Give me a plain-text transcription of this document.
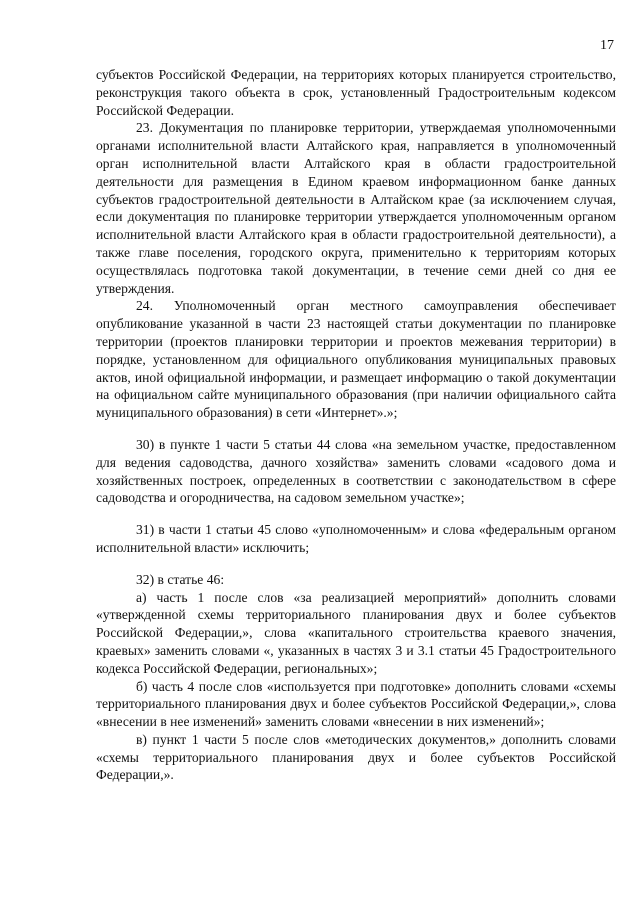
17

субъектов Российской Федерации, на территориях которых планируется строительство, реконструкция такого объекта в срок, установленный Градостроительным кодексом Российской Федерации.

23. Документация по планировке территории, утверждаемая уполномоченными органами исполнительной власти Алтайского края, направляется в уполномоченный орган исполнительной власти Алтайского края в области градостроительной деятельности для размещения в Едином краевом информационном банке данных субъектов градостроительной деятельности в Алтайском крае (за исключением случая, если документация по планировке территории утверждается уполномоченным органом исполнительной власти Алтайского края в области градостроительной деятельности), а также главе поселения, городского округа, применительно к территориям которых осуществлялась подготовка такой документации, в течение семи дней со дня ее утверждения.

24. Уполномоченный орган местного самоуправления обеспечивает опубликование указанной в части 23 настоящей статьи документации по планировке территории (проектов планировки территории и проектов межевания территории) в порядке, установленном для официального опубликования муниципальных правовых актов, иной официальной информации, и размещает информацию о такой документации на официальном сайте муниципального образования (при наличии официального сайта муниципального образования) в сети «Интернет».»;

30) в пункте 1 части 5 статьи 44 слова «на земельном участке, предоставленном для ведения садоводства, дачного хозяйства» заменить словами «садового дома и хозяйственных построек, определенных в соответствии с законодательством в сфере садоводства и огородничества, на садовом земельном участке»;

31) в части 1 статьи 45 слово «уполномоченным» и слова «федеральным органом исполнительной власти» исключить;

32) в статье 46:

а) часть 1 после слов «за реализацией мероприятий» дополнить словами «утвержденной схемы территориального планирования двух и более субъектов Российской Федерации,», слова «капитального строительства краевого значения, краевых» заменить словами «, указанных в частях 3 и 3.1 статьи 45 Градостроительного кодекса Российской Федерации, региональных»;

б) часть 4 после слов «используется при подготовке» дополнить словами «схемы территориального планирования двух и более субъектов Российской Федерации,», слова «внесении в нее изменений» заменить словами «внесении в них изменений»;

в) пункт 1 части 5 после слов «методических документов,» дополнить словами «схемы территориального планирования двух и более субъектов Российской Федерации,».
